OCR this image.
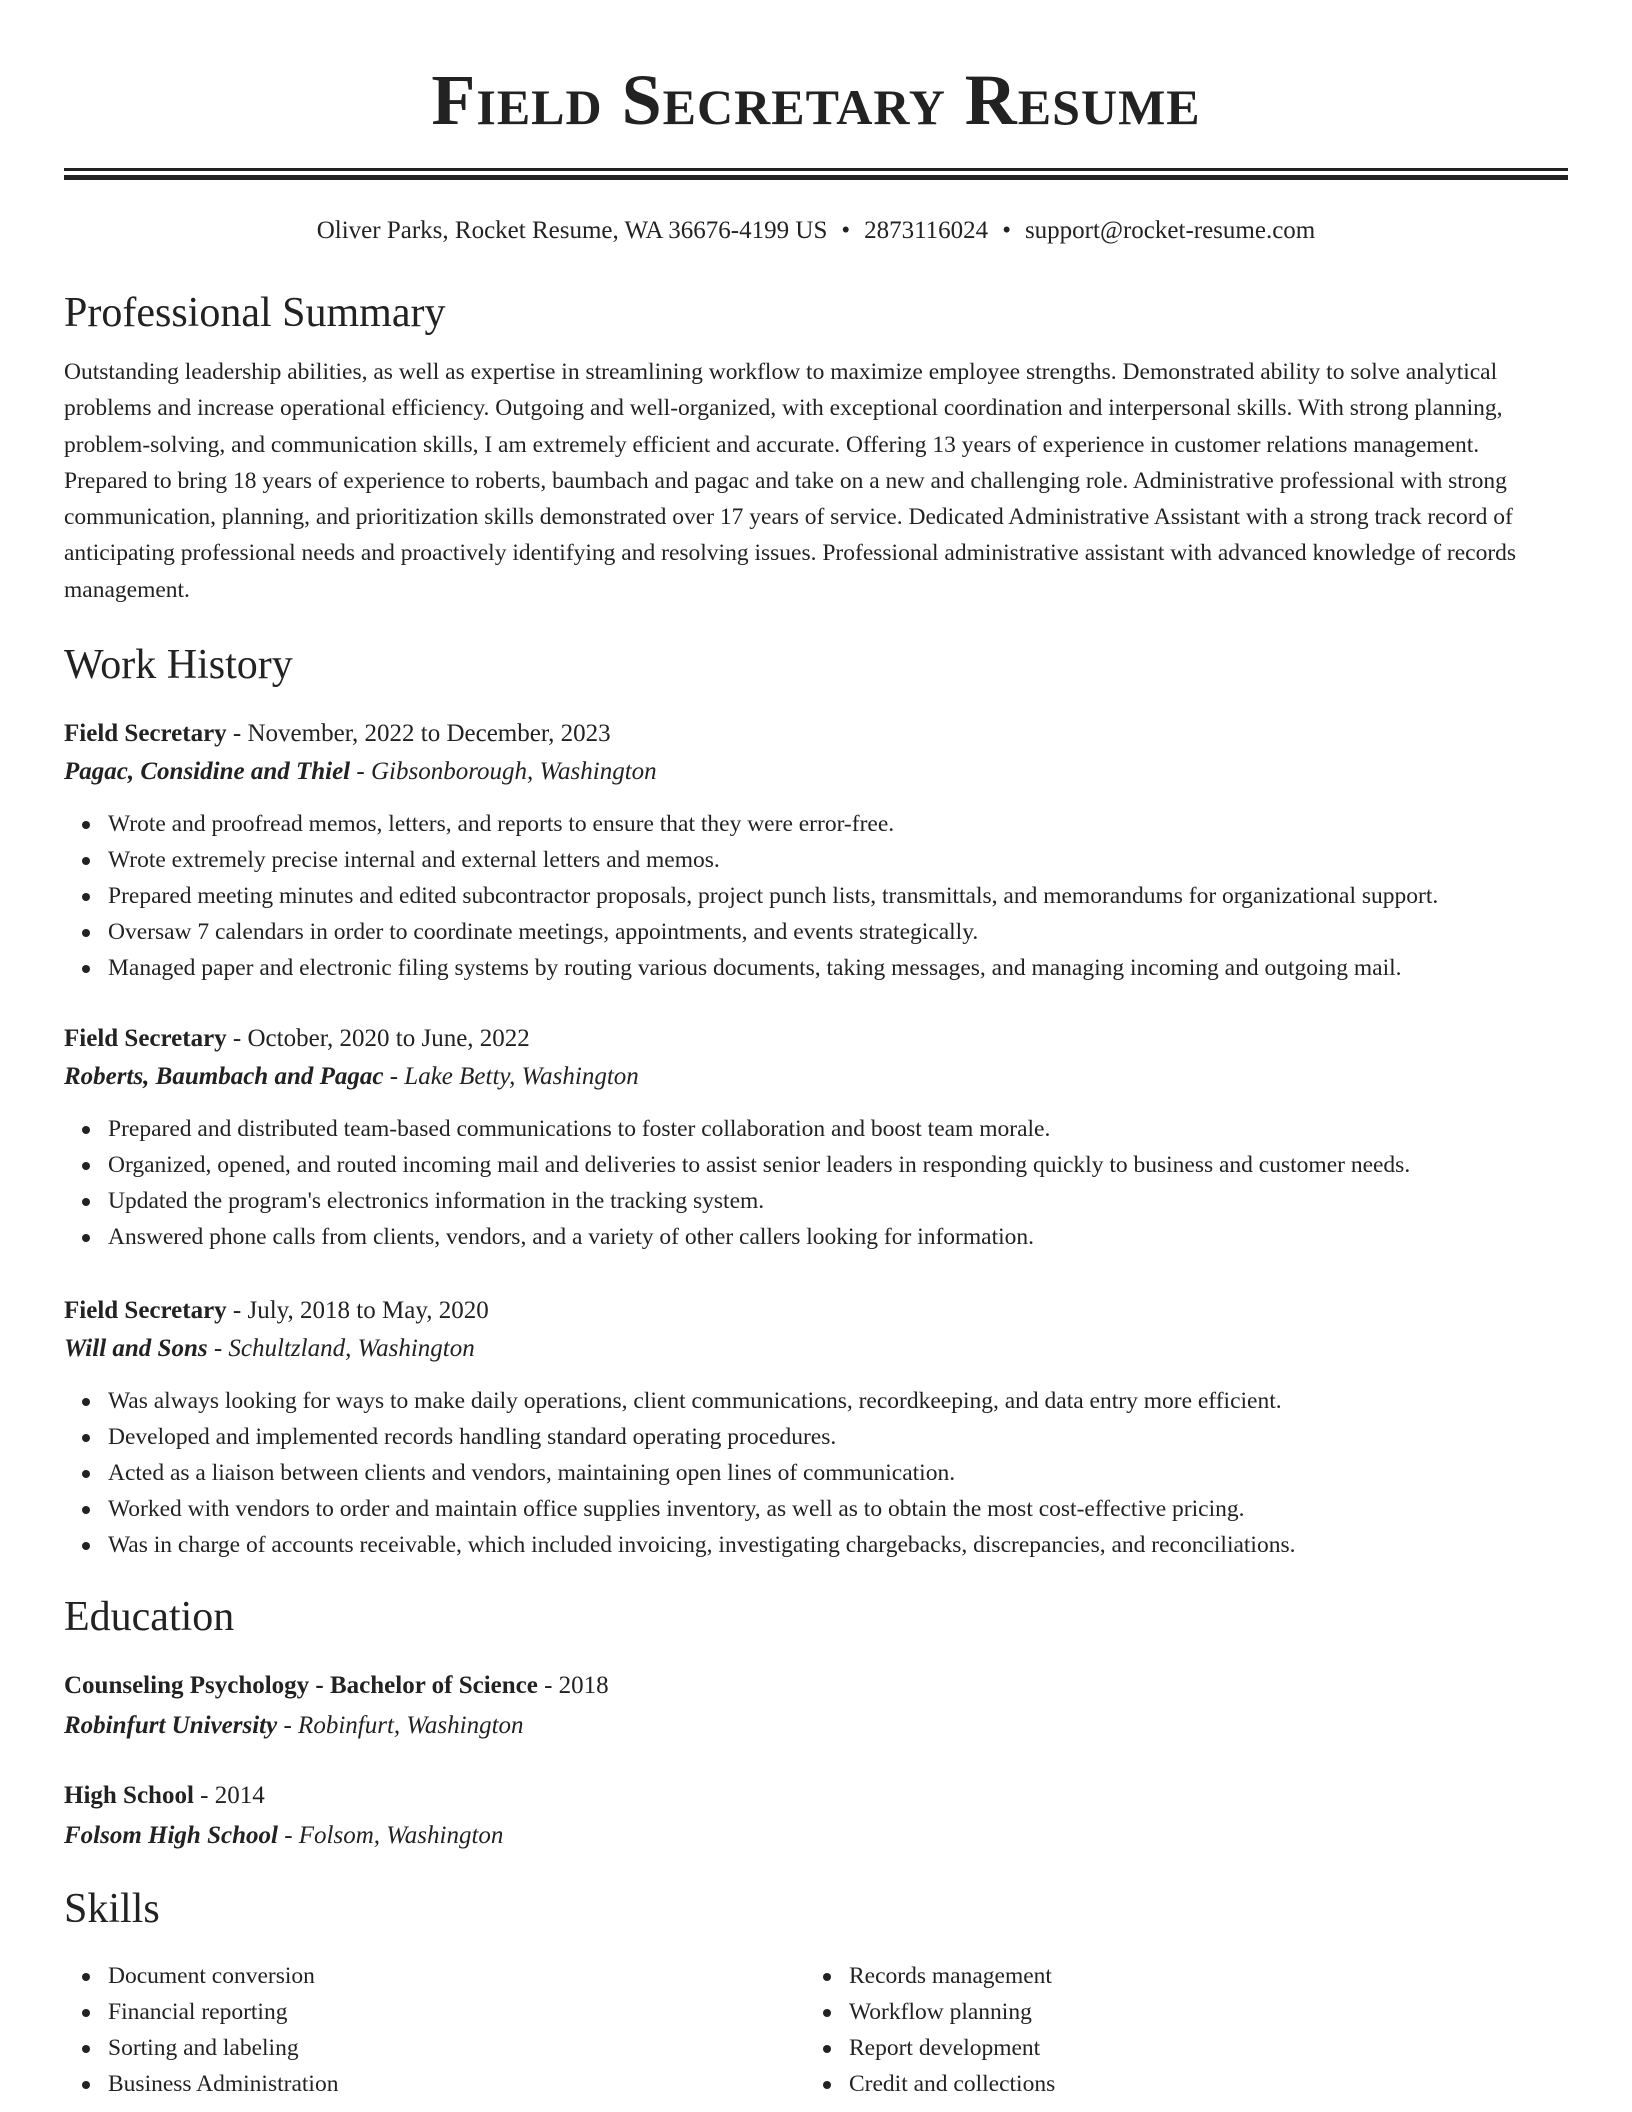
Field Secretary Resume
Oliver Parks, Rocket Resume, WA 36676-4199 US • 2873116024 • support@rocket-resume.com
Professional Summary

Outstanding leadership abilities, as well as expertise in streamlining workflow to maximize employee strengths. Demonstrated ability to solve analytical problems and increase operational efficiency. Outgoing and well-organized, with exceptional coordination and interpersonal skills. With strong planning, problem-solving, and communication skills, I am extremely efficient and accurate. Offering 13 years of experience in customer relations management. Prepared to bring 18 years of experience to roberts, baumbach and pagac and take on a new and challenging role. Administrative professional with strong communication, planning, and prioritization skills demonstrated over 17 years of service. Dedicated Administrative Assistant with a strong track record of anticipating professional needs and proactively identifying and resolving issues. Professional administrative assistant with advanced knowledge of records management.

Work History
Field Secretary - November, 2022 to December, 2023
Pagac, Considine and Thiel - Gibsonborough, Washington
Wrote and proofread memos, letters, and reports to ensure that they were error-free.
Wrote extremely precise internal and external letters and memos.
Prepared meeting minutes and edited subcontractor proposals, project punch lists, transmittals, and memorandums for organizational support.
Oversaw 7 calendars in order to coordinate meetings, appointments, and events strategically.
Managed paper and electronic filing systems by routing various documents, taking messages, and managing incoming and outgoing mail.
Field Secretary - October, 2020 to June, 2022
Roberts, Baumbach and Pagac - Lake Betty, Washington
Prepared and distributed team-based communications to foster collaboration and boost team morale.
Organized, opened, and routed incoming mail and deliveries to assist senior leaders in responding quickly to business and customer needs.
Updated the program's electronics information in the tracking system.
Answered phone calls from clients, vendors, and a variety of other callers looking for information.
Field Secretary - July, 2018 to May, 2020
Will and Sons - Schultzland, Washington
Was always looking for ways to make daily operations, client communications, recordkeeping, and data entry more efficient.
Developed and implemented records handling standard operating procedures.
Acted as a liaison between clients and vendors, maintaining open lines of communication.
Worked with vendors to order and maintain office supplies inventory, as well as to obtain the most cost-effective pricing.
Was in charge of accounts receivable, which included invoicing, investigating chargebacks, discrepancies, and reconciliations.
Education
Counseling Psychology - Bachelor of Science - 2018
Robinfurt University - Robinfurt, Washington
High School - 2014
Folsom High School - Folsom, Washington
Skills
Document conversion
Financial reporting
Sorting and labeling
Business Administration
Records management
Workflow planning
Report development
Credit and collections
